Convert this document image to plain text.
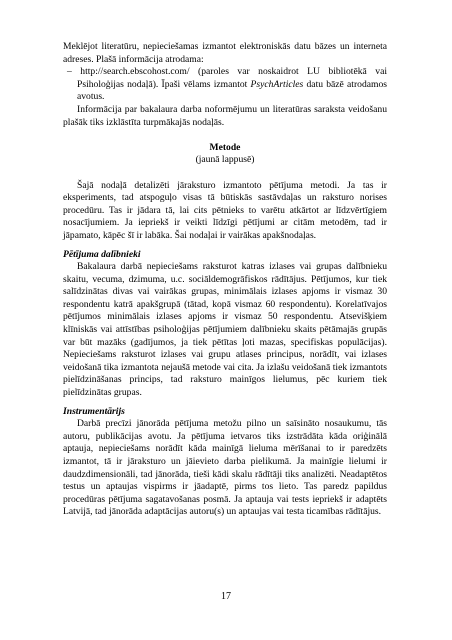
Meklējot literatūru, nepieciešamas izmantot elektroniskās datu bāzes un interneta adreses. Plašā informācija atrodama:

– http://search.ebscohost.com/ (paroles var noskaidrot LU bibliotēkā vai Psiholoģijas nodaļā). Īpaši vēlams izmantot PsychArticles datu bāzē atrodamos avotus.

Informācija par bakalaura darba noformējumu un literatūras saraksta veidošanu plašāk tiks izklāstīta turpmākajās nodaļās.

Metode

(jaunā lappusē)

Šajā nodaļā detalizēti jāraksturo izmantoto pētījuma metodi. Ja tas ir eksperiments, tad atspoguļo visas tā būtiskās sastāvdaļas un raksturo norises procedūru. Tas ir jādara tā, lai cits pētnieks to varētu atkārtot ar līdzvērtīgiem nosacījumiem. Ja iepriekš ir veikti līdzīgi pētījumi ar citām metodēm, tad ir jāpamato, kāpēc šī ir labāka. Šai nodaļai ir vairākas apakšnodaļas.

Pētījuma dalībnieki

Bakalaura darbā nepieciešams raksturot katras izlases vai grupas dalībnieku skaitu, vecuma, dzimuma, u.c. sociāldemogrāfiskos rādītājus. Pētījumos, kur tiek salīdzinātas divas vai vairākas grupas, minimālais izlases apjoms ir vismaz 30 respondentu katrā apakšgrupā (tātad, kopā vismaz 60 respondentu). Korelatīvajos pētījumos minimālais izlases apjoms ir vismaz 50 respondentu. Atsevišķiem klīniskās vai attīstības psiholoģijas pētījumiem dalībnieku skaits pētāmajās grupās var būt mazāks (gadījumos, ja tiek pētītas ļoti mazas, specifiskas populācijas). Nepieciešams raksturot izlases vai grupu atlases principus, norādīt, vai izlases veidošanā tika izmantota nejaušā metode vai cita. Ja izlašu veidošanā tiek izmantots pielīdzināšanas princips, tad raksturo mainīgos lielumus, pēc kuriem tiek pielīdzinātas grupas.

Instrumentārijs

Darbā precīzi jānorāda pētījuma metožu pilno un saīsināto nosaukumu, tās autoru, publikācijas avotu. Ja pētījuma ietvaros tiks izstrādāta kāda oriģinālā aptauja, nepieciešams norādīt kāda mainīgā lieluma mērīšanai to ir paredzēts izmantot, tā ir jāraksturo un jāievieto darba pielikumā. Ja mainīgie lielumi ir daudzdimensionāli, tad jānorāda, tieši kādi skalu rādītāji tiks analizēti. Neadaptētos testus un aptaujas vispirms ir jāadaptē, pirms tos lieto. Tas paredz papildus procedūras pētījuma sagatavošanas posmā. Ja aptauja vai tests iepriekš ir adaptēts Latvijā, tad jānorāda adaptācijas autoru(s) un aptaujas vai testa ticamības rādītājus.

17
